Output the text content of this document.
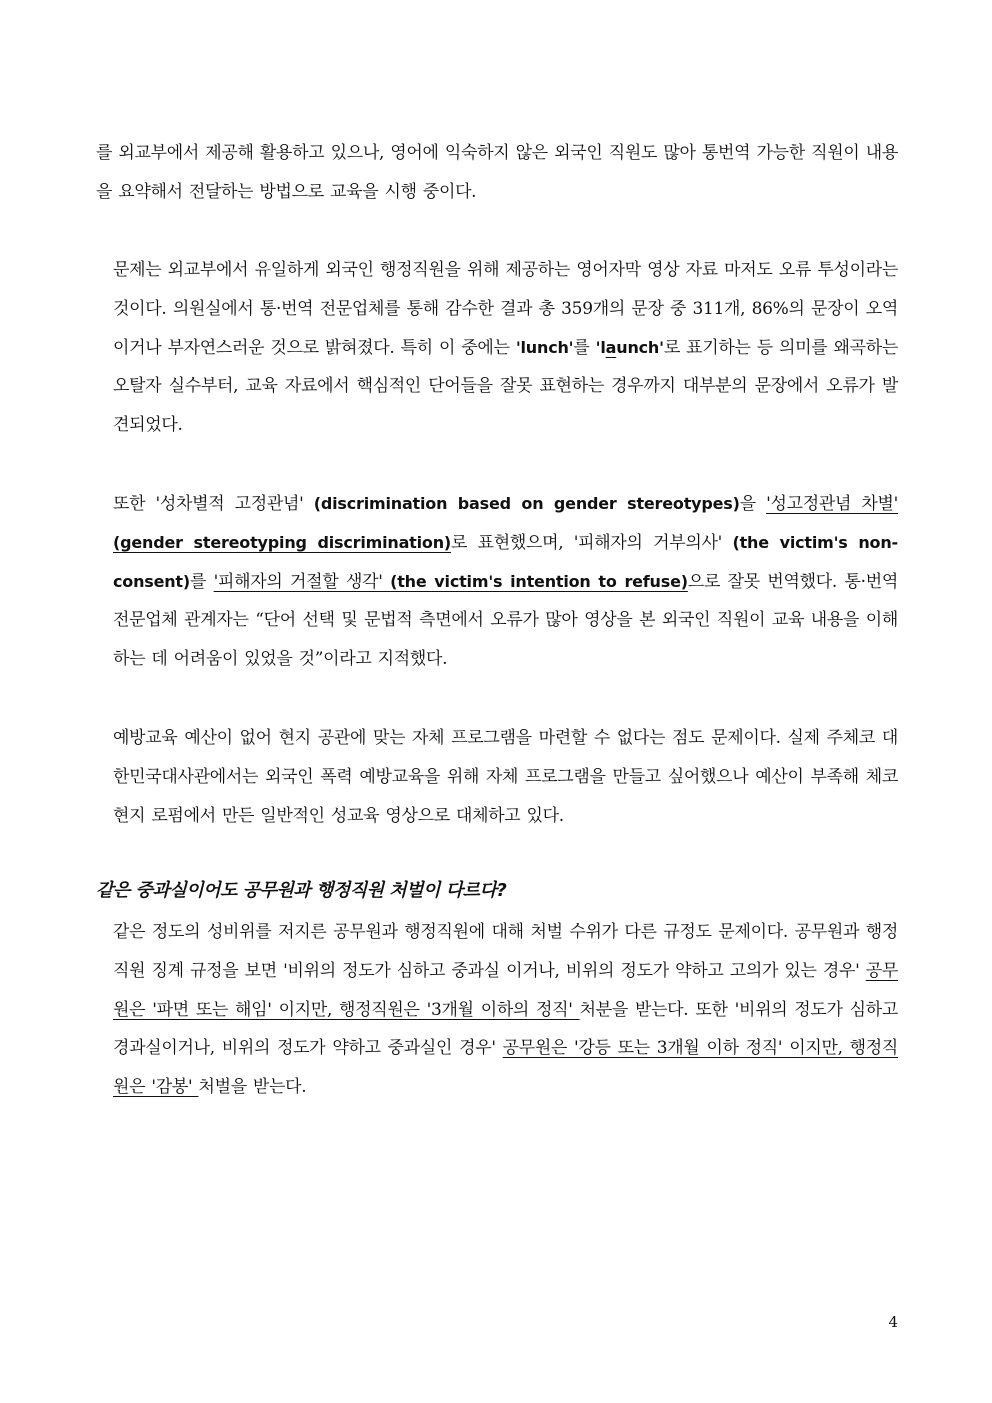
를 외교부에서 제공해 활용하고 있으나, 영어에 익숙하지 않은 외국인 직원도 많아 통번역 가능한 직원이 내용을 요약해서 전달하는 방법으로 교육을 시행 중이다.
문제는 외교부에서 유일하게 외국인 행정직원을 위해 제공하는 영어자막 영상 자료 마저도 오류 투성이라는 것이다. 의원실에서 통·번역 전문업체를 통해 감수한 결과 총 359개의 문장 중 311개, 86%의 문장이 오역이거나 부자연스러운 것으로 밝혀졌다. 특히 이 중에는 'lunch'를 'launch'로 표기하는 등 의미를 왜곡하는 오탈자 실수부터, 교육 자료에서 핵심적인 단어들을 잘못 표현하는 경우까지 대부분의 문장에서 오류가 발견되었다.
또한 '성차별적 고정관념' (discrimination based on gender stereotypes)을 '성고정관념 차별' (gender stereotyping discrimination)로 표현했으며, '피해자의 거부의사' (the victim's non-consent)를 '피해자의 거절할 생각' (the victim's intention to refuse)으로 잘못 번역했다. 통·번역 전문업체 관계자는 “단어 선택 및 문법적 측면에서 오류가 많아 영상을 본 외국인 직원이 교육 내용을 이해하는 데 어려움이 있었을 것”이라고 지적했다.
예방교육 예산이 없어 현지 공관에 맞는 자체 프로그램을 마련할 수 없다는 점도 문제이다. 실제 주체코 대한민국대사관에서는 외국인 폭력 예방교육을 위해 자체 프로그램을 만들고 싶어했으나 예산이 부족해 체코 현지 로펌에서 만든 일반적인 성교육 영상으로 대체하고 있다.
같은 중과실이어도 공무원과 행정직원 처벌이 다르다?
같은 정도의 성비위를 저지른 공무원과 행정직원에 대해 처벌 수위가 다른 규정도 문제이다. 공무원과 행정직원 징계 규정을 보면 '비위의 정도가 심하고 중과실 이거나, 비위의 정도가 약하고 고의가 있는 경우' 공무원은 '파면 또는 해임' 이지만, 행정직원은 '3개월 이하의 정직' 처분을 받는다. 또한 '비위의 정도가 심하고 경과실이거나, 비위의 정도가 약하고 중과실인 경우' 공무원은 '강등 또는 3개월 이하 정직' 이지만, 행정직원은 '감봉' 처벌을 받는다.
4
